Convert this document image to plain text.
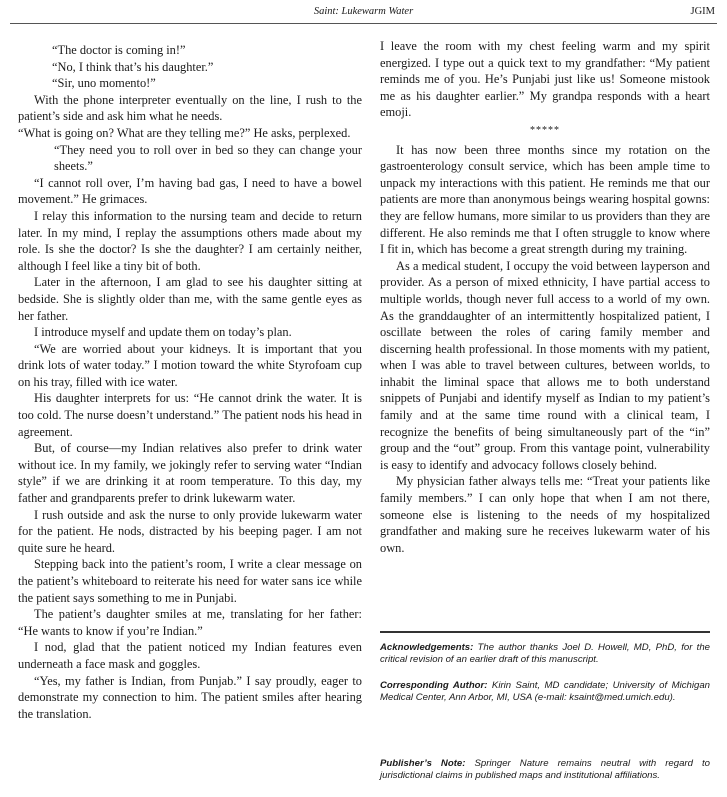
Saint: Lukewarm Water	JGIM

“The doctor is coming in!”

“No, I think that’s his daughter.”

“Sir, uno momento!”

With the phone interpreter eventually on the line, I rush to the patient’s side and ask him what he needs.

“What is going on? What are they telling me?” He asks, perplexed.

“They need you to roll over in bed so they can change your sheets.”

“I cannot roll over, I’m having bad gas, I need to have a bowel movement.” He grimaces.

I relay this information to the nursing team and decide to return later. In my mind, I replay the assumptions others made about my role. Is she the doctor? Is she the daughter? I am certainly neither, although I feel like a tiny bit of both.

Later in the afternoon, I am glad to see his daughter sitting at bedside. She is slightly older than me, with the same gentle eyes as her father.

I introduce myself and update them on today’s plan.

“We are worried about your kidneys. It is important that you drink lots of water today.” I motion toward the white Styrofoam cup on his tray, filled with ice water.

His daughter interprets for us: “He cannot drink the water. It is too cold. The nurse doesn’t understand.” The patient nods his head in agreement.

But, of course—my Indian relatives also prefer to drink water without ice. In my family, we jokingly refer to serving water “Indian style” if we are drinking it at room temperature. To this day, my father and grandparents prefer to drink lukewarm water.

I rush outside and ask the nurse to only provide lukewarm water for the patient. He nods, distracted by his beeping pager. I am not quite sure he heard.

Stepping back into the patient’s room, I write a clear message on the patient’s whiteboard to reiterate his need for water sans ice while the patient says something to me in Punjabi.

The patient’s daughter smiles at me, translating for her father: “He wants to know if you’re Indian.”

I nod, glad that the patient noticed my Indian features even underneath a face mask and goggles.

“Yes, my father is Indian, from Punjab.” I say proudly, eager to demonstrate my connection to him. The patient smiles after hearing the translation.

I leave the room with my chest feeling warm and my spirit energized. I type out a quick text to my grandfather: “My patient reminds me of you. He’s Punjabi just like us! Someone mistook me as his daughter earlier.” My grandpa responds with a heart emoji.

*****

It has now been three months since my rotation on the gastroenterology consult service, which has been ample time to unpack my interactions with this patient. He reminds me that our patients are more than anonymous beings wearing hospital gowns: they are fellow humans, more similar to us providers than they are different. He also reminds me that I often struggle to know where I fit in, which has become a great strength during my training.

As a medical student, I occupy the void between layperson and provider. As a person of mixed ethnicity, I have partial access to multiple worlds, though never full access to a world of my own. As the granddaughter of an intermittently hospitalized patient, I oscillate between the roles of caring family member and discerning health professional. In those moments with my patient, when I was able to travel between cultures, between worlds, to inhabit the liminal space that allows me to both understand snippets of Punjabi and identify myself as Indian to my patient’s family and at the same time round with a clinical team, I recognize the benefits of being simultaneously part of the “in” group and the “out” group. From this vantage point, vulnerability is easy to identify and advocacy follows closely behind.

My physician father always tells me: “Treat your patients like family members.” I can only hope that when I am not there, someone else is listening to the needs of my hospitalized grandfather and making sure he receives lukewarm water of his own.

Acknowledgements: The author thanks Joel D. Howell, MD, PhD, for the critical revision of an earlier draft of this manuscript.
Corresponding Author: Kirin Saint, MD candidate; University of Michigan Medical Center, Ann Arbor, MI, USA (e-mail: ksaint@med.umich.edu).
Publisher’s Note: Springer Nature remains neutral with regard to jurisdictional claims in published maps and institutional affiliations.
